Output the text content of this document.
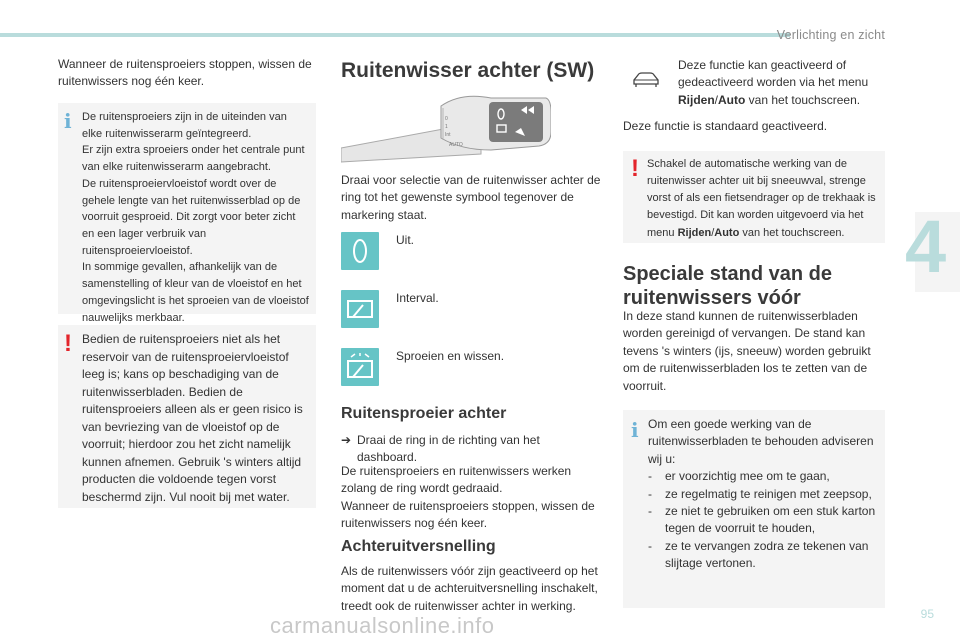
Verlichting en zicht
4
95
carmanualsonline.info

Wanneer de ruitensproeiers stoppen, wissen de ruitenwissers nog één keer.

i De ruitensproeiers zijn in de uiteinden van elke ruitenwisserarm geïntegreerd.
Er zijn extra sproeiers onder het centrale punt van elke ruitenwisserarm aangebracht.
De ruitensproeiervloeistof wordt over de gehele lengte van het ruitenwisserblad op de voorruit gesproeid. Dit zorgt voor beter zicht en een lager verbruik van ruitensproeiervloeistof.
In sommige gevallen, afhankelijk van de samenstelling of kleur van de vloeistof en het omgevingslicht is het sproeien van de vloeistof nauwelijks merkbaar.
! Bedien de ruitensproeiers niet als het reservoir van de ruitensproeiervloeistof leeg is; kans op beschadiging van de ruitenwisserbladen. Bedien de ruitensproeiers alleen als er geen risico is van bevriezing van de vloeistof op de voorruit; hierdoor zou het zicht namelijk kunnen afnemen. Gebruik 's winters altijd producten die voldoende tegen vorst beschermd zijn. Vul nooit bij met water.
Ruitenwisser achter (SW)
0
1
Int
AUTO

Draai voor selectie van de ruitenwisser achter de ring tot het gewenste symbool tegenover de markering staat.

Uit.
Interval.
Sproeien en wissen.
Ruitensproeier achter
➔ Draai de ring in de richting van het dashboard.

De ruitensproeiers en ruitenwissers werken zolang de ring wordt gedraaid.
Wanneer de ruitensproeiers stoppen, wissen de ruitenwissers nog één keer.

Achteruitversnelling

Als de ruitenwissers vóór zijn geactiveerd op het moment dat u de achteruitversnelling inschakelt, treedt ook de ruitenwisser achter in werking.

Deze functie kan geactiveerd of gedeactiveerd worden via het menu Rijden/Auto van het touchscreen.

Deze functie is standaard geactiveerd.

! Schakel de automatische werking van de ruitenwisser achter uit bij sneeuwval, strenge vorst of als een fietsendrager op de trekhaak is bevestigd. Dit kan worden uitgevoerd via het menu Rijden/Auto van het touchscreen.

Speciale stand van de ruitenwissers vóór

In deze stand kunnen de ruitenwisserbladen worden gereinigd of vervangen. De stand kan tevens 's winters (ijs, sneeuw) worden gebruikt om de ruitenwisserbladen los te zetten van de voorruit.

i Om een goede werking van de ruitenwisserbladen te behouden adviseren wij u:

- er voorzichtig mee om te gaan,
- ze regelmatig te reinigen met zeepsop,
- ze niet te gebruiken om een stuk karton tegen de voorruit te houden,
- ze te vervangen zodra ze tekenen van slijtage vertonen.
